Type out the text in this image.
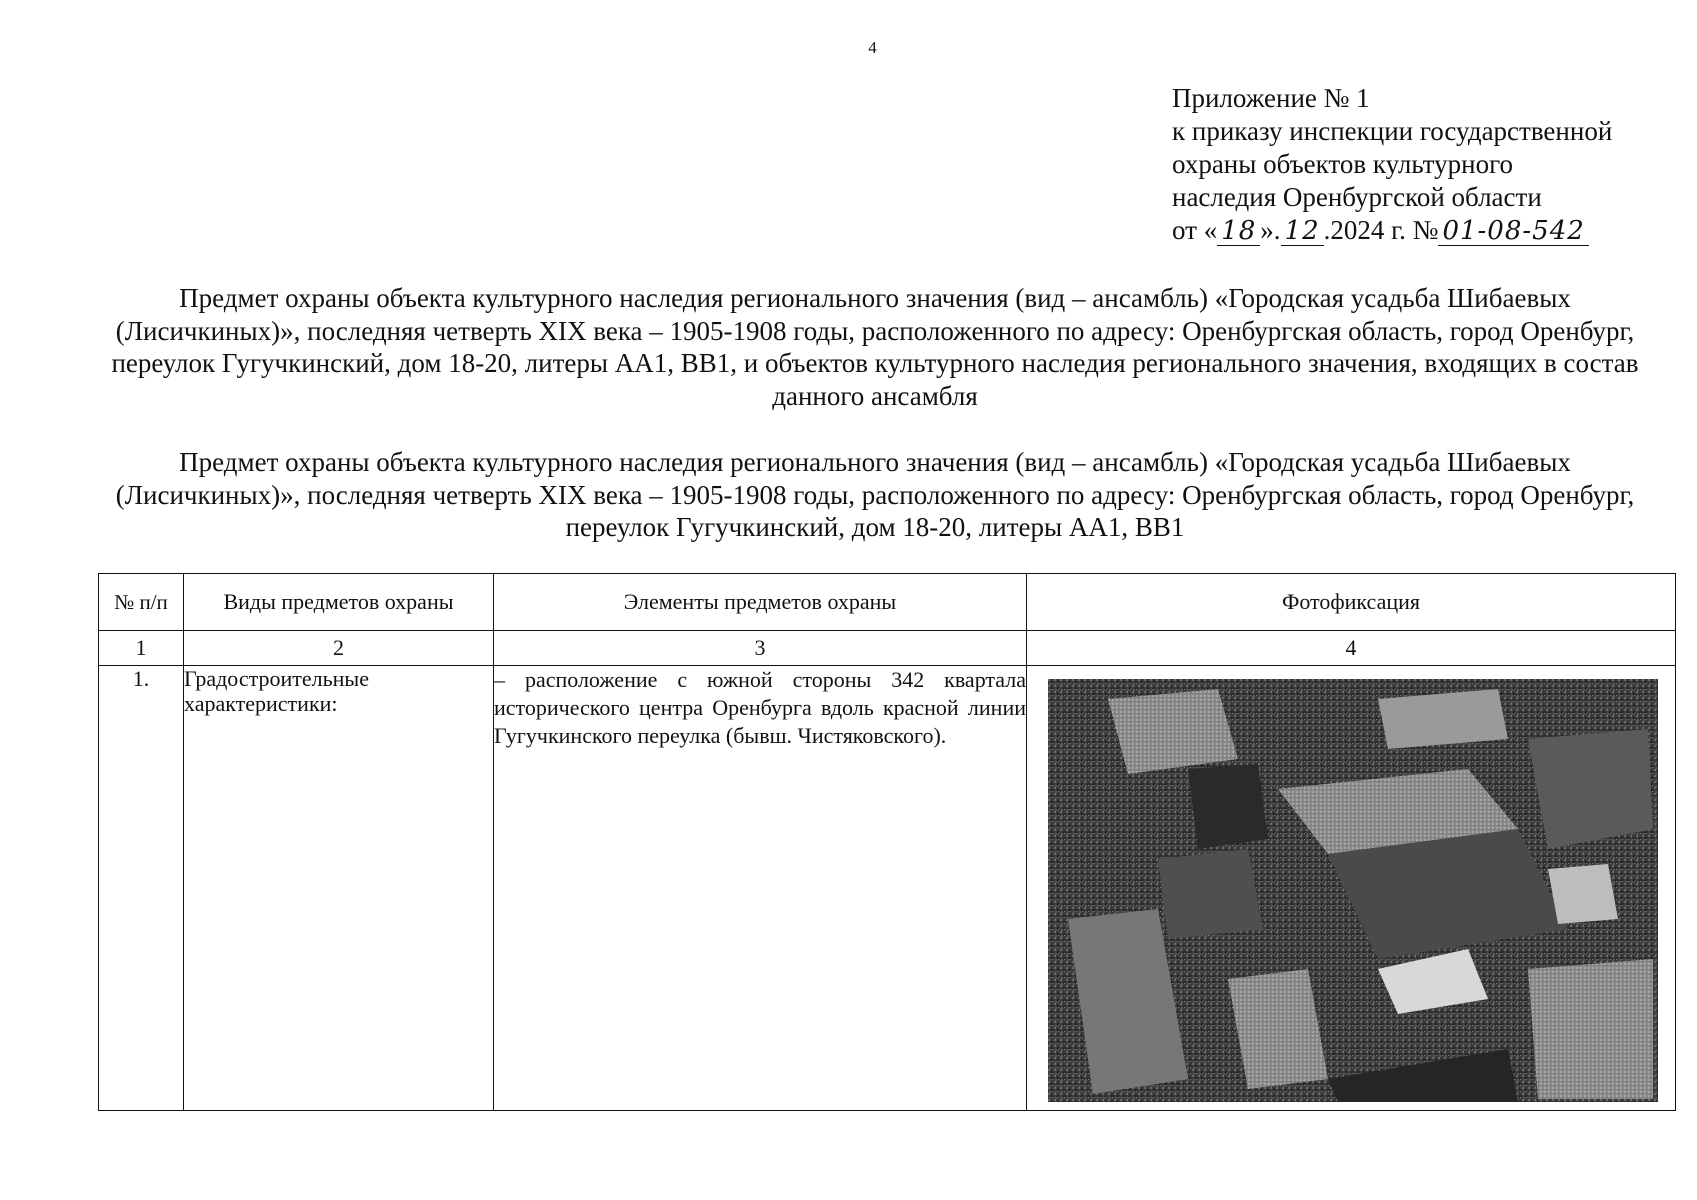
4
Приложение № 1
к приказу инспекции государственной
охраны объектов культурного
наследия Оренбургской области
от « 18 ». 12 .2024 г. № 01-08-542
Предмет охраны объекта культурного наследия регионального значения (вид – ансамбль) «Городская усадьба Шибаевых (Лисичкиных)», последняя четверть XIX века – 1905-1908 годы, расположенного по адресу: Оренбургская область, город Оренбург, переулок Гугучкинский, дом 18-20, литеры АА1, ВВ1, и объектов культурного наследия регионального значения, входящих в состав данного ансамбля
Предмет охраны объекта культурного наследия регионального значения (вид – ансамбль) «Городская усадьба Шибаевых (Лисичкиных)», последняя четверть XIX века – 1905-1908 годы, расположенного по адресу: Оренбургская область, город Оренбург, переулок Гугучкинский, дом 18-20, литеры АА1, ВВ1
№ п/п	Виды предметов охраны	Элементы предметов охраны	Фотофиксация
1	2	3	4
1.	Градостроительные характеристики:	– расположение с южной стороны 342 квартала исторического центра Оренбурга вдоль красной линии Гугучкинского переулка (бывш. Чистяковского).	
